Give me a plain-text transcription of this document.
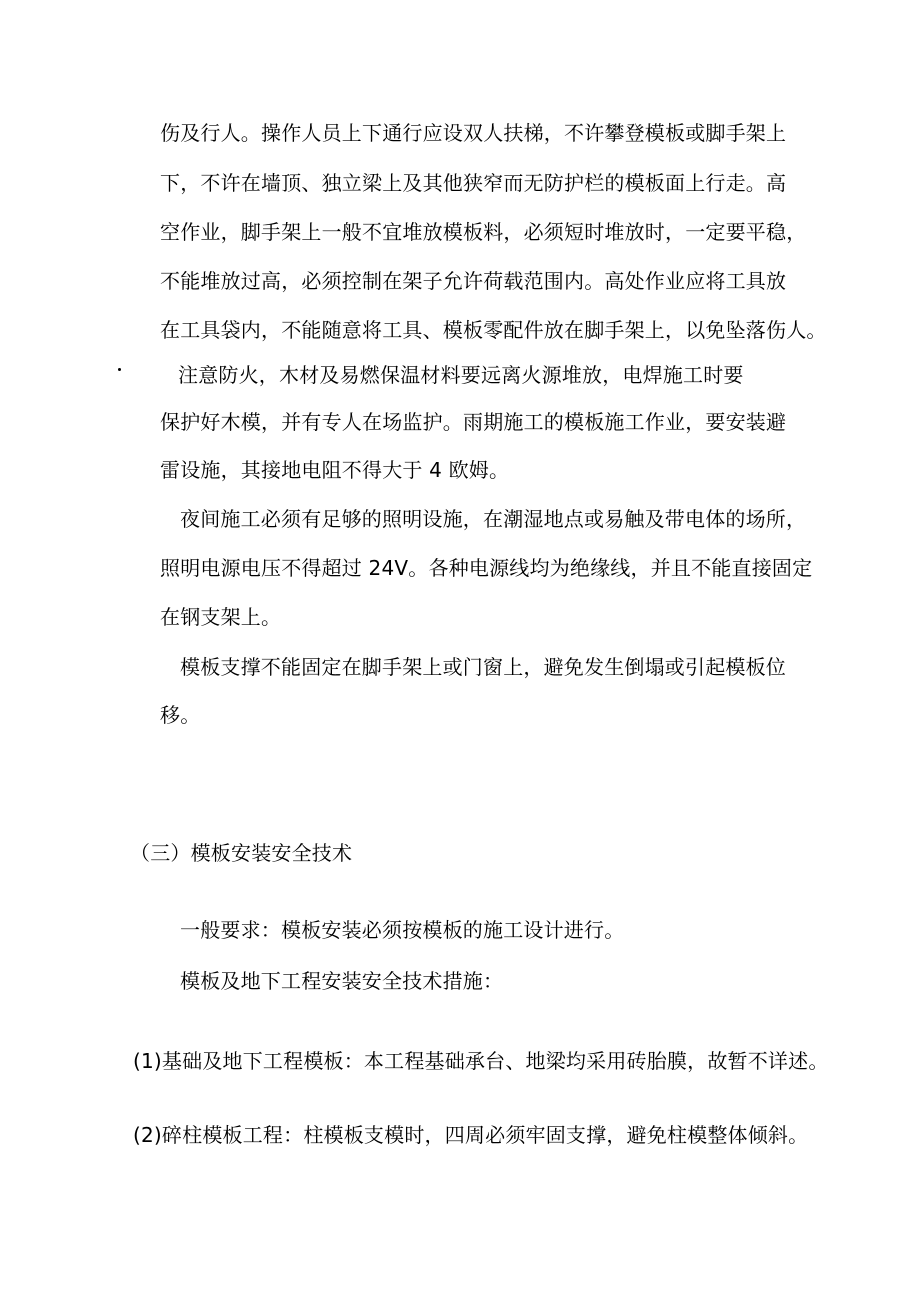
伤及行人。操作人员上下通行应设双人扶梯，不许攀登模板或脚手架上
下，不许在墙顶、独立梁上及其他狭窄而无防护栏的模板面上行走。高
空作业，脚手架上一般不宜堆放模板料，必须短时堆放时，一定要平稳，
不能堆放过高，必须控制在架子允许荷载范围内。高处作业应将工具放
在工具袋内，不能随意将工具、模板零配件放在脚手架上，以免坠落伤人。
注意防火，木材及易燃保温材料要远离火源堆放，电焊施工时要
保护好木模，并有专人在场监护。雨期施工的模板施工作业，要安装避
雷设施，其接地电阻不得大于 4 欧姆。
夜间施工必须有足够的照明设施，在潮湿地点或易触及带电体的场所，
照明电源电压不得超过 24V。各种电源线均为绝缘线，并且不能直接固定
在钢支架上。
模板支撑不能固定在脚手架上或门窗上，避免发生倒塌或引起模板位
移。
（三）模板安装安全技术
一般要求：模板安装必须按模板的施工设计进行。
模板及地下工程安装安全技术措施：
(1)基础及地下工程模板：本工程基础承台、地梁均采用砖胎膜，故暂不详述。
(2)碎柱模板工程：柱模板支模时，四周必须牢固支撑，避免柱模整体倾斜。
